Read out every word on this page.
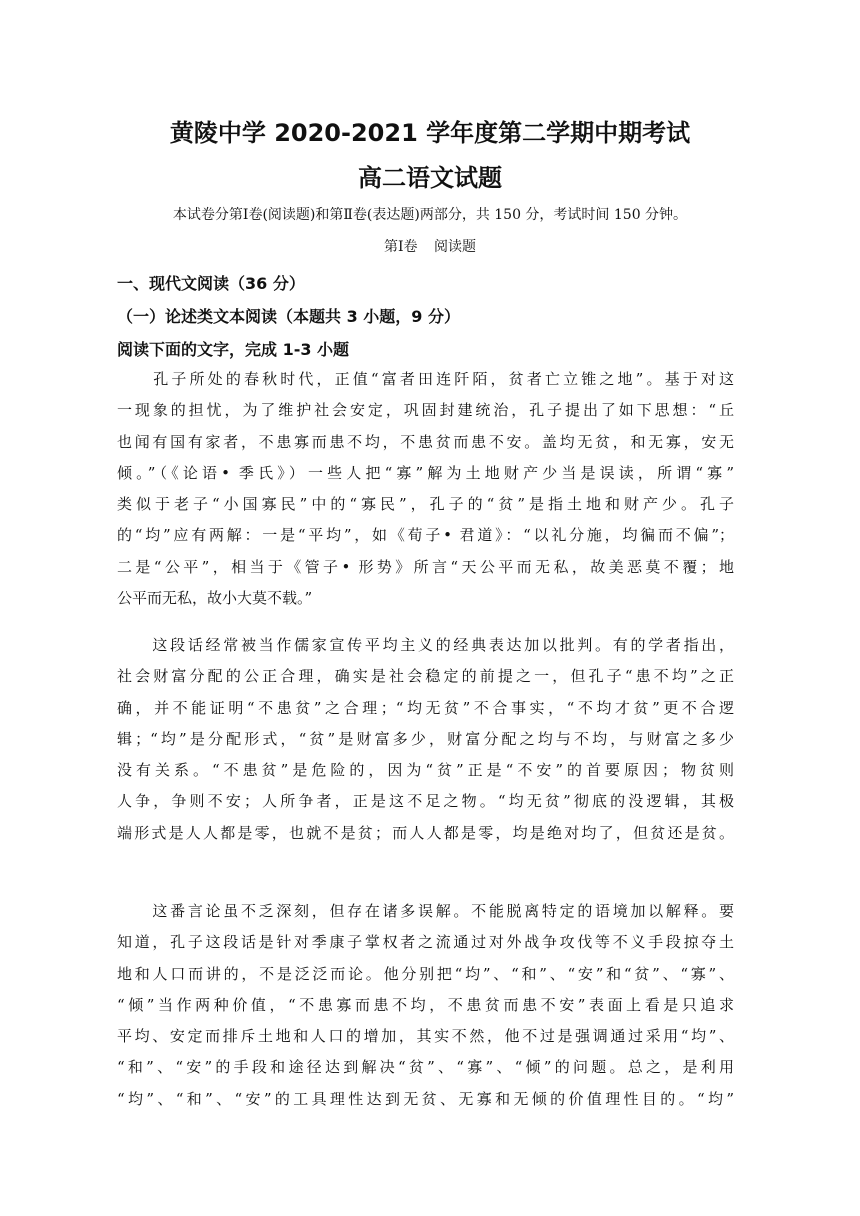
黄陵中学 2020-2021 学年度第二学期中期考试
高二语文试题
本试卷分第Ⅰ卷(阅读题)和第Ⅱ卷(表达题)两部分，共 150 分，考试时间 150 分钟。
第Ⅰ卷 阅读题
一、现代文阅读（36 分）
（一）论述类文本阅读（本题共 3 小题，9 分）
阅读下面的文字，完成 1-3 小题
　　孔子所处的春秋时代，正值“富者田连阡陌，贫者亡立锥之地”。基于对这
一现象的担忧，为了维护社会安定，巩固封建统治，孔子提出了如下思想：“丘
也闻有国有家者，不患寡而患不均，不患贫而患不安。盖均无贫，和无寡，安无
倾。”（《论语• 季氏》）一些人把“寡”解为土地财产少当是误读，所谓“寡”
类似于老子“小国寡民”中的“寡民”，孔子的“贫”是指土地和财产少。孔子
的“均”应有两解：一是“平均”，如《荀子• 君道》：“以礼分施，均徧而不偏”；
二是“公平”，相当于《管子• 形势》所言“天公平而无私，故美恶莫不覆；地
公平而无私，故小大莫不载。”
　　这段话经常被当作儒家宣传平均主义的经典表达加以批判。有的学者指出，
社会财富分配的公正合理，确实是社会稳定的前提之一，但孔子“患不均”之正
确，并不能证明“不患贫”之合理；“均无贫”不合事实，“不均才贫”更不合逻
辑；“均”是分配形式，“贫”是财富多少，财富分配之均与不均，与财富之多少
没有关系。“不患贫”是危险的，因为“贫”正是“不安”的首要原因；物贫则
人争，争则不安；人所争者，正是这不足之物。“均无贫”彻底的没逻辑，其极
端形式是人人都是零，也就不是贫；而人人都是零，均是绝对均了，但贫还是贫。
　　这番言论虽不乏深刻，但存在诸多误解。不能脱离特定的语境加以解释。要
知道，孔子这段话是针对季康子掌权者之流通过对外战争攻伐等不义手段掠夺土
地和人口而讲的，不是泛泛而论。他分别把“均”、“和”、“安”和“贫”、“寡”、
“倾”当作两种价值，“不患寡而患不均，不患贫而患不安”表面上看是只追求
平均、安定而排斥土地和人口的增加，其实不然，他不过是强调通过采用“均”、
“和”、“安”的手段和途径达到解决“贫”、“寡”、“倾”的问题。总之，是利用
“均”、“和”、“安”的工具理性达到无贫、无寡和无倾的价值理性目的。“均”
